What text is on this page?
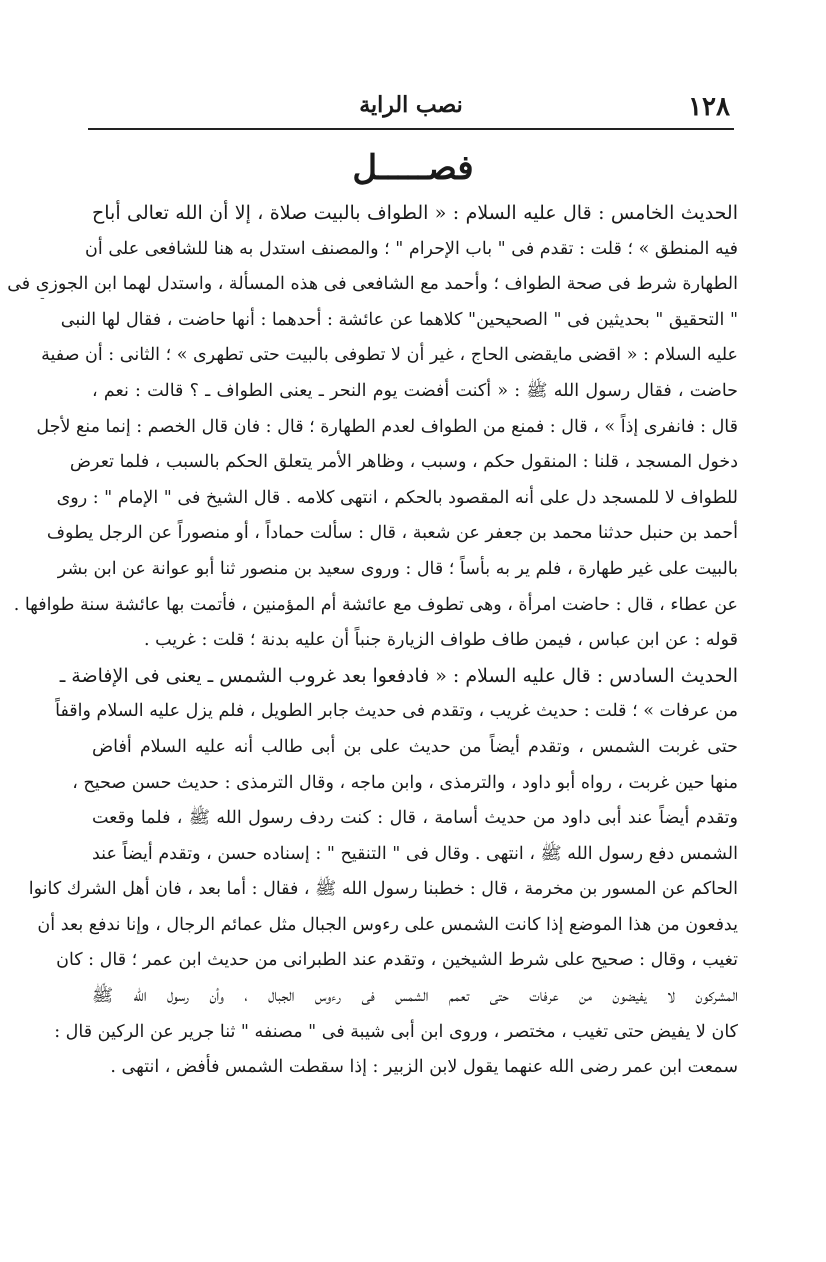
١٢٨
نصب الراية
فصـــــل
-
الحديث الخامس : قال عليه السلام : « الطواف بالبيت صلاة ، إلا أن الله تعالى أباح
فيه المنطق » ؛ قلت : تقدم فى " باب الإحرام " ؛ والمصنف استدل به هنا للشافعى على أن
الطهارة شرط فى صحة الطواف ؛ وأحمد مع الشافعى فى هذه المسألة ، واستدل لهما ابن الجوزى فى
" التحقيق " بحديثين فى " الصحيحين" كلاهما عن عائشة : أحدهما : أنها حاضت ، فقال لها النبى
عليه السلام : « اقضى مايقضى الحاج ، غير أن لا تطوفى بالبيت حتى تطهرى » ؛ الثانى : أن صفية
حاضت ، فقال رسول الله ﷺ : « أكنت أفضت يوم النحر ـ يعنى الطواف ـ ؟ قالت : نعم ،
قال : فانفرى إذاً » ، قال : فمنع من الطواف لعدم الطهارة ؛ قال : فان قال الخصم : إنما منع لأجل
دخول المسجد ، قلنا : المنقول حكم ، وسبب ، وظاهر الأمر يتعلق الحكم بالسبب ، فلما تعرض
للطواف لا للمسجد دل على أنه المقصود بالحكم ، انتهى كلامه . قال الشيخ فى " الإمام " : روى
أحمد بن حنبل حدثنا محمد بن جعفر عن شعبة ، قال : سألت حماداً ، أو منصوراً عن الرجل يطوف
بالبيت على غير طهارة ، فلم ير به بأساً ؛ قال : وروى سعيد بن منصور ثنا أبو عوانة عن ابن بشر
عن عطاء ، قال : حاضت امرأة ، وهى تطوف مع عائشة أم المؤمنين ، فأتمت بها عائشة سنة طوافها .
قوله : عن ابن عباس ، فيمن طاف طواف الزيارة جنباً أن عليه بدنة ؛ قلت : غريب .
الحديث السادس : قال عليه السلام : « فادفعوا بعد غروب الشمس ـ يعنى فى الإفاضة ـ
من عرفات » ؛ قلت : حديث غريب ، وتقدم فى حديث جابر الطويل ، فلم يزل عليه السلام واقفاً
حتى غربت الشمس ، وتقدم أيضاً من حديث على بن أبى طالب أنه عليه السلام أفاض
منها حين غربت ، رواه أبو داود ، والترمذى ، وابن ماجه ، وقال الترمذى : حديث حسن صحيح ،
وتقدم أيضاً عند أبى داود من حديث أسامة ، قال : كنت ردف رسول الله ﷺ ، فلما وقعت
الشمس دفع رسول الله ﷺ ، انتهى . وقال فى " التنقيح " : إسناده حسن ، وتقدم أيضاً عند
الحاكم عن المسور بن مخرمة ، قال : خطبنا رسول الله ﷺ ، فقال : أما بعد ، فان أهل الشرك كانوا
يدفعون من هذا الموضع إذا كانت الشمس على رءوس الجبال مثل عمائم الرجال ، وإنا ندفع بعد أن
تغيب ، وقال : صحيح على شرط الشيخين ، وتقدم عند الطبرانى من حديث ابن عمر ؛ قال : كان
المشركون لا يفيضون من عرفات حتى تعمم الشمس فى رءوس الجبال ، وأن رسول الله ﷺ
كان لا يفيض حتى تغيب ، مختصر ، وروى ابن أبى شيبة فى " مصنفه " ثنا جرير عن الركين قال :
سمعت ابن عمر رضى الله عنهما يقول لابن الزبير : إذا سقطت الشمس فأفض ، انتهى .
